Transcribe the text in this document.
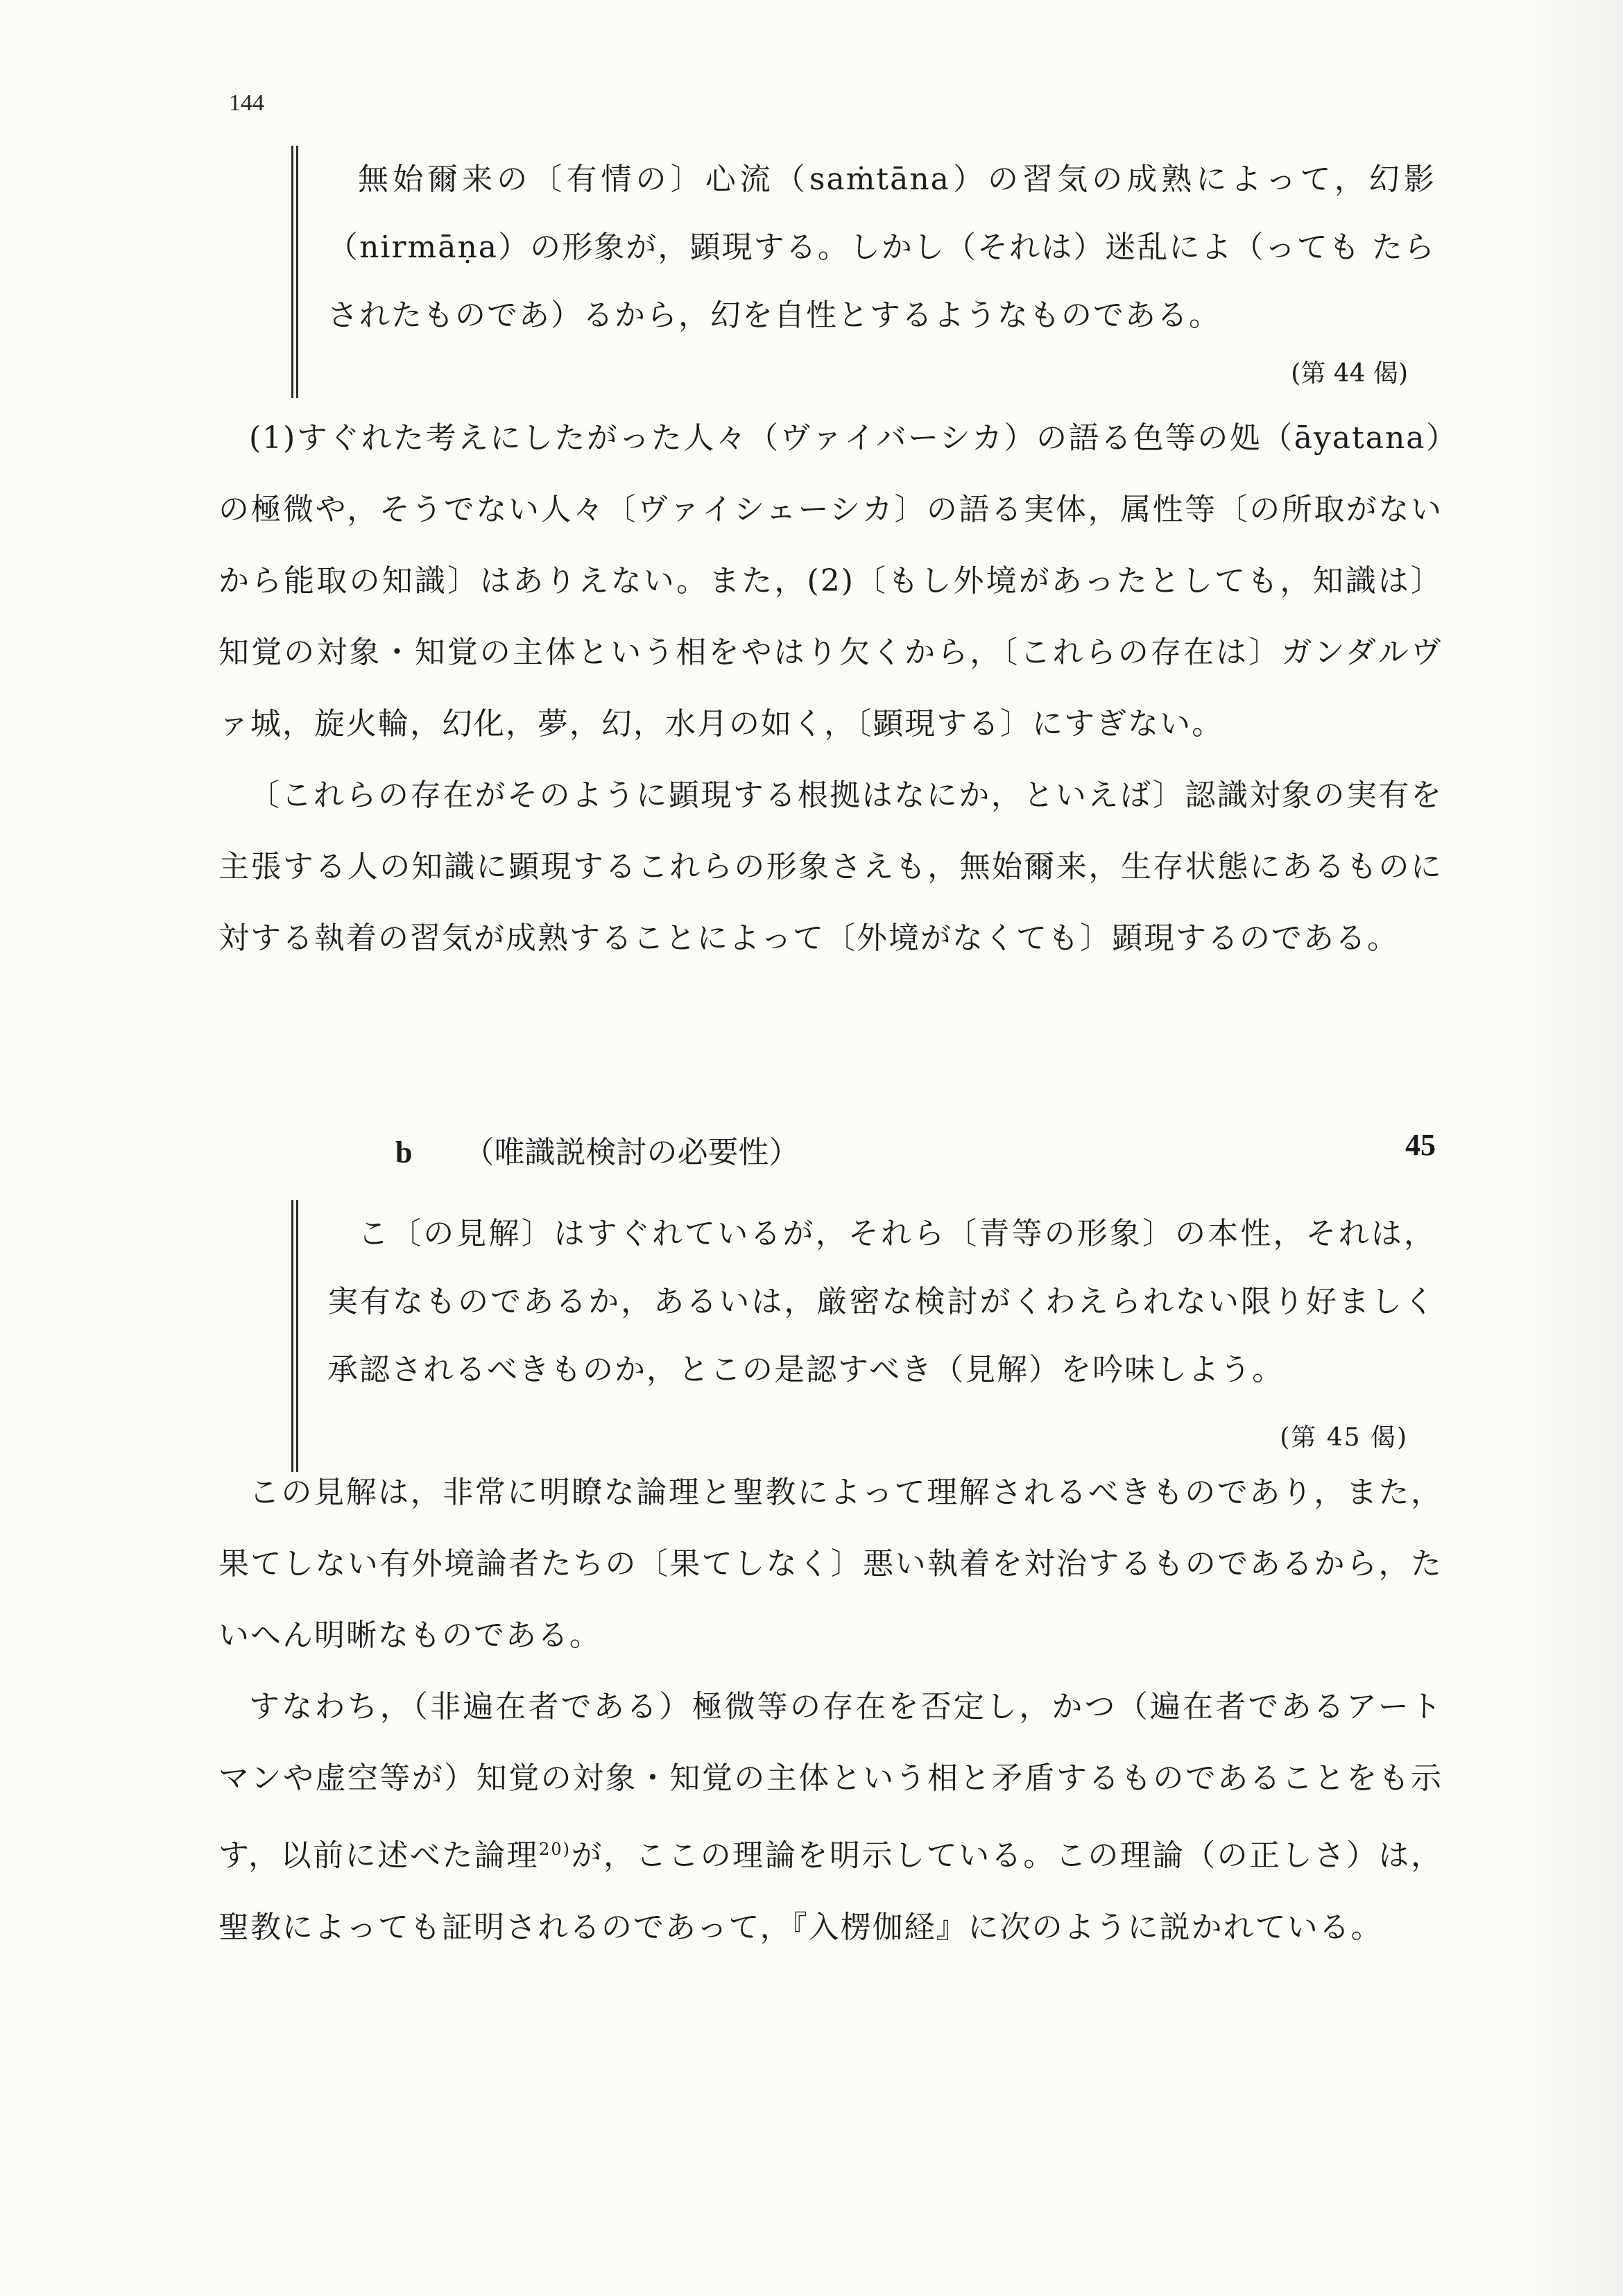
144

無始爾来の〔有情の〕心流（saṁtāna）の習気の成熟によって，幻影（nirmāṇa）の形象が，顕現する。しかし（それは）迷乱によ（っても たらされたものであ）るから，幻を自性とするようなものである。

(第 44 偈)

(1)すぐれた考えにしたがった人々（ヴァイバーシカ）の語る色等の処（āyatana）の極微や，そうでない人々〔ヴァイシェーシカ〕の語る実体，属性等〔の所取がないから能取の知識〕はありえない。また，(2)〔もし外境があったとしても，知識は〕知覚の対象・知覚の主体という相をやはり欠くから，〔これらの存在は〕ガンダルヴァ城，旋火輪，幻化，夢，幻，水月の如く，〔顕現する〕にすぎない。

〔これらの存在がそのように顕現する根拠はなにか，といえば〕認識対象の実有を主張する人の知識に顕現するこれらの形象さえも，無始爾来，生存状態にあるものに対する執着の習気が成熟することによって〔外境がなくても〕顕現するのである。

b （唯識説検討の必要性）	45

こ〔の見解〕はすぐれているが，それら〔青等の形象〕の本性，それは，実有なものであるか，あるいは，厳密な検討がくわえられない限り好ましく承認されるべきものか，とこの是認すべき（見解）を吟味しよう。
(第 45 偈)

この見解は，非常に明瞭な論理と聖教によって理解されるべきものであり，また，果てしない有外境論者たちの〔果てしなく〕悪い執着を対治するものであるから，たいへん明晰なものである。

すなわち，（非遍在者である）極微等の存在を否定し，かつ（遍在者であるアートマンや虚空等が）知覚の対象・知覚の主体という相と矛盾するものであることをも示す，以前に述べた論理$^{20)}$が，ここの理論を明示している。この理論（の正しさ）は，聖教によっても証明されるのであって，『入楞伽経』に次のように説かれている。
